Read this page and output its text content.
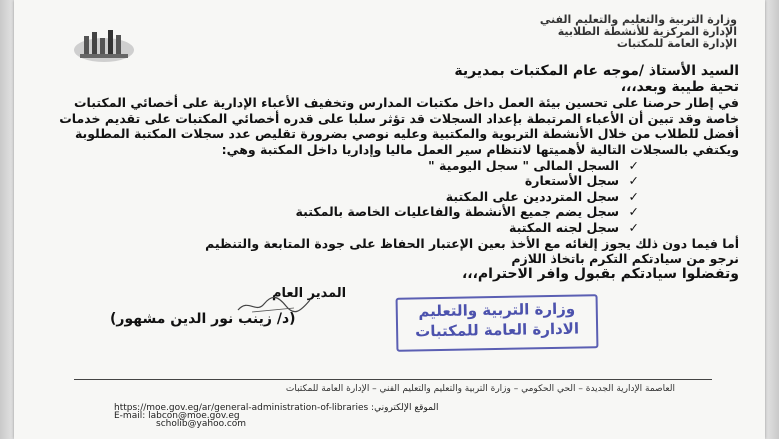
وزارة التربية والتعليم والتعليم الفني
الإدارة المركزية للأنشطة الطلابية
الإدارة العامة للمكتبات

السيد الأستاذ /موجه عام المكتبات بمديرية

تحية طيبة وبعد،،،

في إطار حرصنا على تحسين بيئة العمل داخل مكتبات المدارس وتخفيف الأعباء الإدارية على أخصائي المكتبات خاصة وقد تبين أن الأعباء المرتبطة بإعداد السجلات قد تؤثر سلبا على قدره أخصائي المكتبات على تقديم خدمات أفضل للطلاب من خلال الأنشطة التربوية والمكتبية وعليه نوصي بضرورة تقليص عدد سجلات المكتبة المطلوبة ويكتفي بالسجلات التالية لأهميتها لانتظام سير العمل ماليا وإداريا داخل المكتبة وهي:

✓السجل المالى " سجل اليومية "
✓سجل الأستعارة
✓سجل المترددين على المكتبة
✓سجل يضم جميع الأنشطة والفاعليات الخاصة بالمكتبة
✓سجل لجنه المكتبة

أما فيما دون ذلك يجوز إلغائه مع الأخذ بعين الإعتبار الحفاظ على جودة المتابعة والتنظيم

نرجو من سيادتكم التكرم باتخاذ اللازم

وتفضلوا سيادتكم بقبول وافر الاحترام،،،

المدير العام
(د/ زينب نور الدين مشهور)	وزارة التربية والتعليم
الادارة العامة للمكتبات
العاصمة الإدارية الجديدة – الحي الحكومي – وزارة التربية والتعليم والتعليم الفني – الإدارة العامة للمكتبات
https://moe.gov.eg/ar/general-administration-of-libraries :الموقع الإلكتروني
E-mail: labcon@moe.gov.eg
scholib@yahoo.com
